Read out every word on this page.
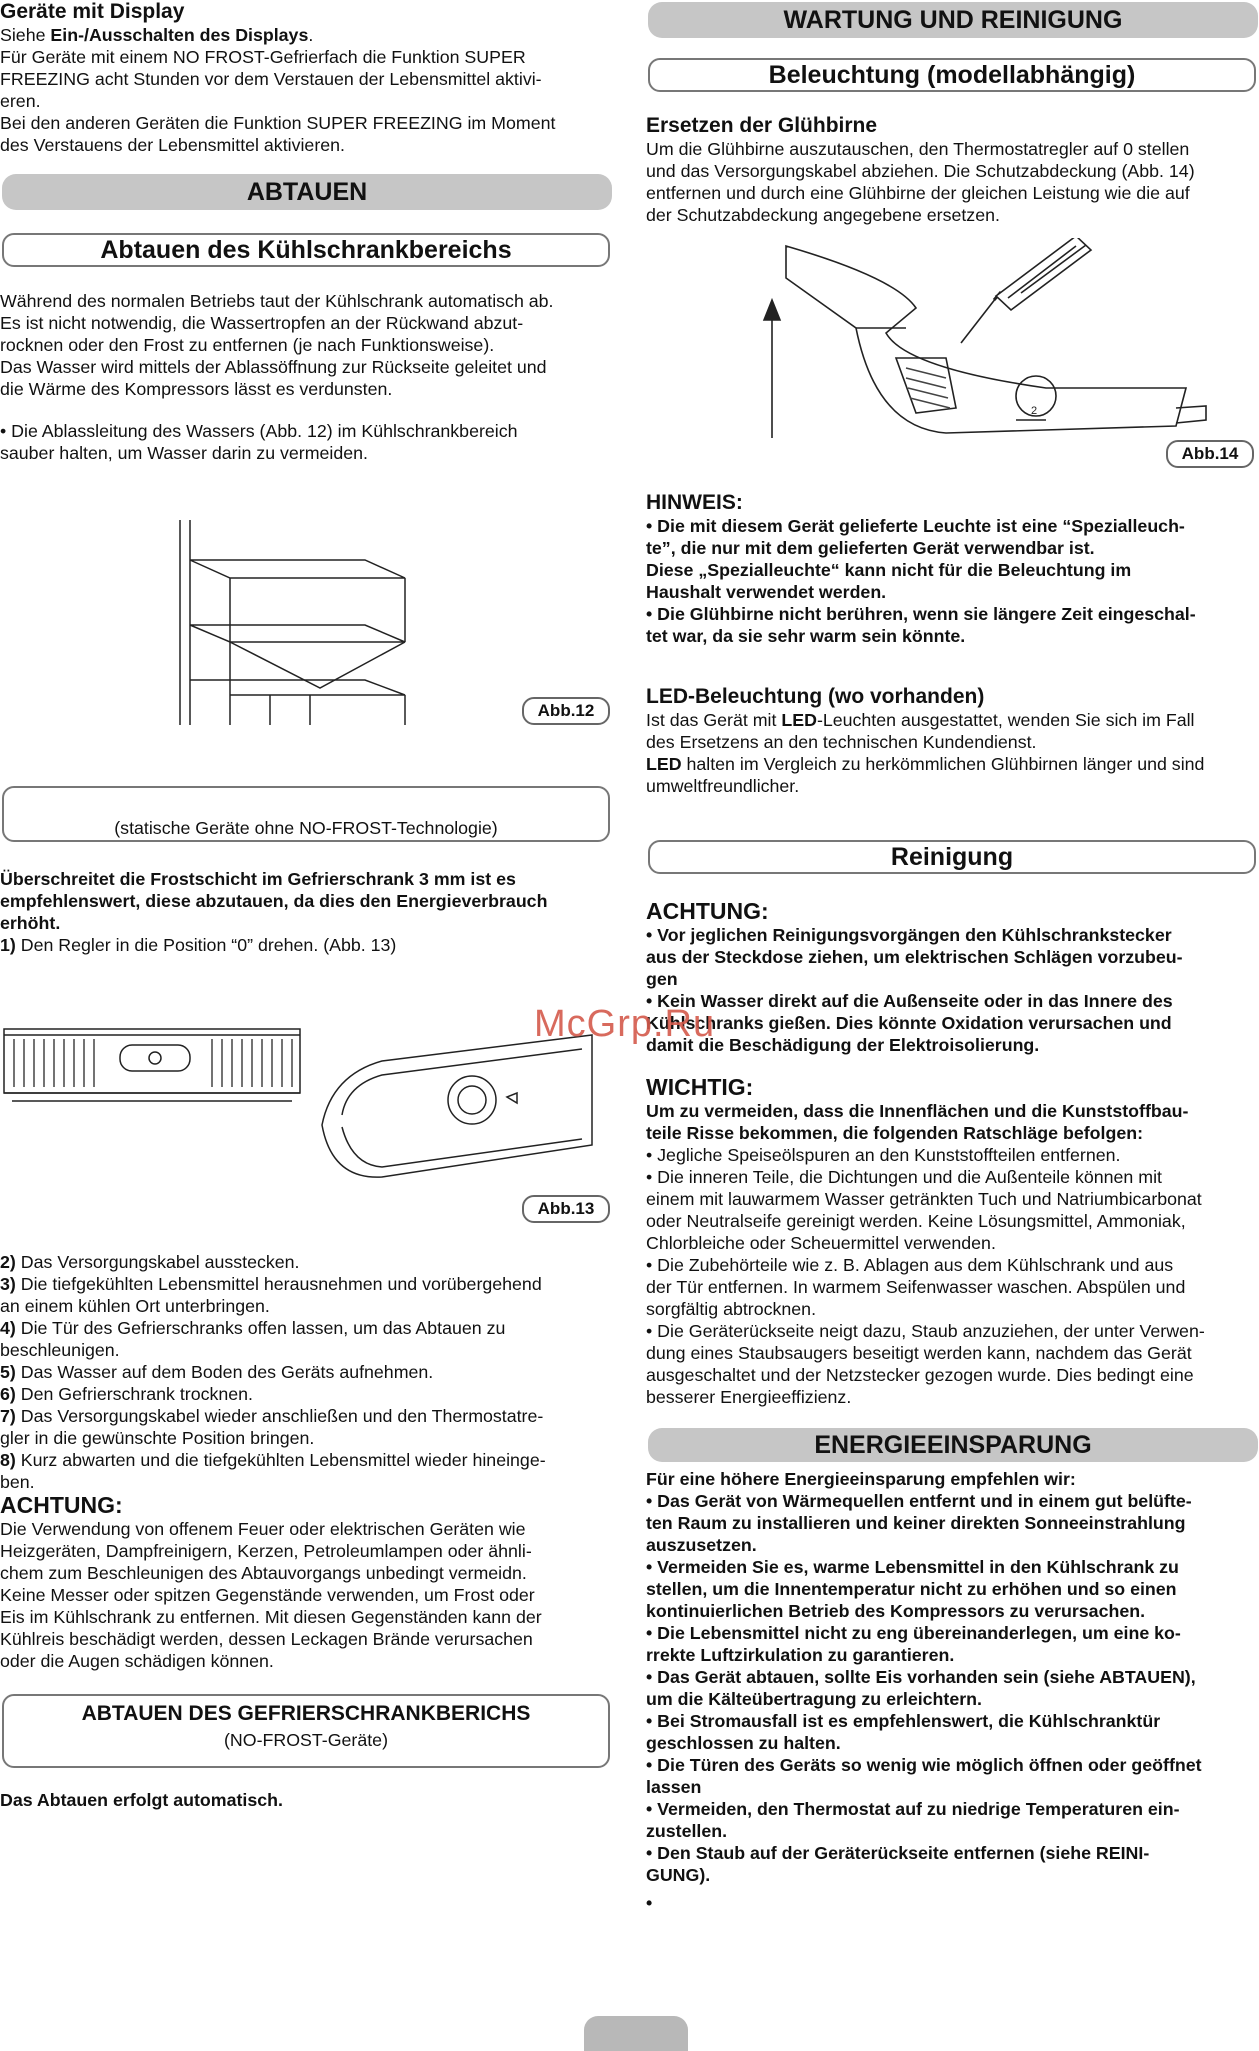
Geräte mit Display

Siehe Ein-/Ausschalten des Displays.

Für Geräte mit einem NO FROST-Gefrierfach die Funktion SUPER

FREEZING acht Stunden vor dem Verstauen der Lebensmittel aktivi-

eren.

Bei den anderen Geräten die Funktion SUPER FREEZING im Moment

des Verstauens der Lebensmittel aktivieren.

ABTAUEN
Abtauen des Kühlschrankbereichs

Während des normalen Betriebs taut der Kühlschrank automatisch ab.

Es ist nicht notwendig, die Wassertropfen an der Rückwand abzut-

rocknen oder den Frost zu entfernen (je nach Funktionsweise).

Das Wasser wird mittels der Ablassöffnung zur Rückseite geleitet und

die Wärme des Kompressors lässt es verdunsten.

• Die Ablassleitung des Wassers (Abb. 12) im Kühlschrankbereich

sauber halten, um Wasser darin zu vermeiden.

Abb.12
(statische Geräte ohne NO-FROST-Technologie)

Überschreitet die Frostschicht im Gefrierschrank 3 mm ist es

empfehlenswert, diese abzutauen, da dies den Energieverbrauch

erhöht.

1) Den Regler in die Position “0” drehen. (Abb. 13)

Abb.13

2) Das Versorgungskabel ausstecken.

3) Die tiefgekühlten Lebensmittel herausnehmen und vorübergehend

an einem kühlen Ort unterbringen.

4) Die Tür des Gefrierschranks offen lassen, um das Abtauen zu

beschleunigen.

5) Das Wasser auf dem Boden des Geräts aufnehmen.

6) Den Gefrierschrank trocknen.

7) Das Versorgungskabel wieder anschließen und den Thermostatre-

gler in die gewünschte Position bringen.

8) Kurz abwarten und die tiefgekühlten Lebensmittel wieder hineinge-

ben.

ACHTUNG:

Die Verwendung von offenem Feuer oder elektrischen Geräten wie

Heizgeräten, Dampfreinigern, Kerzen, Petroleumlampen oder ähnli-

chem zum Beschleunigen des Abtauvorgangs unbedingt vermeidn.

Keine Messer oder spitzen Gegenstände verwenden, um Frost oder

Eis im Kühlschrank zu entfernen. Mit diesen Gegenständen kann der

Kühlreis beschädigt werden, dessen Leckagen Brände verursachen

oder die Augen schädigen können.

ABTAUEN DES GEFRIERSCHRANKBERICHS
(NO-FROST-Geräte)

Das Abtauen erfolgt automatisch.

WARTUNG UND REINIGUNG
Beleuchtung (modellabhängig)

Ersetzen der Glühbirne

Um die Glühbirne auszutauschen, den Thermostatregler auf 0 stellen

und das Versorgungskabel abziehen. Die Schutzabdeckung (Abb. 14)

entfernen und durch eine Glühbirne der gleichen Leistung wie die auf

der Schutzabdeckung angegebene ersetzen.

2
Abb.14

HINWEIS:

• Die mit diesem Gerät gelieferte Leuchte ist eine “Spezialleuch-

te”, die nur mit dem gelieferten Gerät verwendbar ist.

Diese „Spezialleuchte“ kann nicht für die Beleuchtung im

Haushalt verwendet werden.

• Die Glühbirne nicht berühren, wenn sie längere Zeit eingeschal-

tet war, da sie sehr warm sein könnte.

LED-Beleuchtung (wo vorhanden)

Ist das Gerät mit LED-Leuchten ausgestattet, wenden Sie sich im Fall

des Ersetzens an den technischen Kundendienst.

LED halten im Vergleich zu herkömmlichen Glühbirnen länger und sind

umweltfreundlicher.

Reinigung

ACHTUNG:

• Vor jeglichen Reinigungsvorgängen den Kühlschrankstecker

aus der Steckdose ziehen, um elektrischen Schlägen vorzubeu-

gen

• Kein Wasser direkt auf die Außenseite oder in das Innere des

Kühlschranks gießen. Dies könnte Oxidation verursachen und

damit die Beschädigung der Elektroisolierung.

WICHTIG:

Um zu vermeiden, dass die Innenflächen und die Kunststoffbau-

teile Risse bekommen, die folgenden Ratschläge befolgen:

• Jegliche Speiseölspuren an den Kunststoffteilen entfernen.

• Die inneren Teile, die Dichtungen und die Außenteile können mit

einem mit lauwarmem Wasser getränkten Tuch und Natriumbicarbonat

oder Neutralseife gereinigt werden. Keine Lösungsmittel, Ammoniak,

Chlorbleiche oder Scheuermittel verwenden.

• Die Zubehörteile wie z. B. Ablagen aus dem Kühlschrank und aus

der Tür entfernen. In warmem Seifenwasser waschen. Abspülen und

sorgfältig abtrocknen.

• Die Geräterückseite neigt dazu, Staub anzuziehen, der unter Verwen-

dung eines Staubsaugers beseitigt werden kann, nachdem das Gerät

ausgeschaltet und der Netzstecker gezogen wurde. Dies bedingt eine

besserer Energieeffizienz.

ENERGIEEINSPARUNG

Für eine höhere Energieeinsparung empfehlen wir:

• Das Gerät von Wärmequellen entfernt und in einem gut belüfte-

ten Raum zu installieren und keiner direkten Sonneeinstrahlung

auszusetzen.

• Vermeiden Sie es, warme Lebensmittel in den Kühlschrank zu

stellen, um die Innentemperatur nicht zu erhöhen und so einen

kontinuierlichen Betrieb des Kompressors zu verursachen.

• Die Lebensmittel nicht zu eng übereinanderlegen, um eine ko-

rrekte Luftzirkulation zu garantieren.

• Das Gerät abtauen, sollte Eis vorhanden sein (siehe ABTAUEN),

um die Kälteübertragung zu erleichtern.

• Bei Stromausfall ist es empfehlenswert, die Kühlschranktür

geschlossen zu halten.

• Die Türen des Geräts so wenig wie möglich öffnen oder geöffnet

lassen

• Vermeiden, den Thermostat auf zu niedrige Temperaturen ein-

zustellen.

• Den Staub auf der Geräterückseite entfernen (siehe REINI-

GUNG).

•

McGrp.Ru
